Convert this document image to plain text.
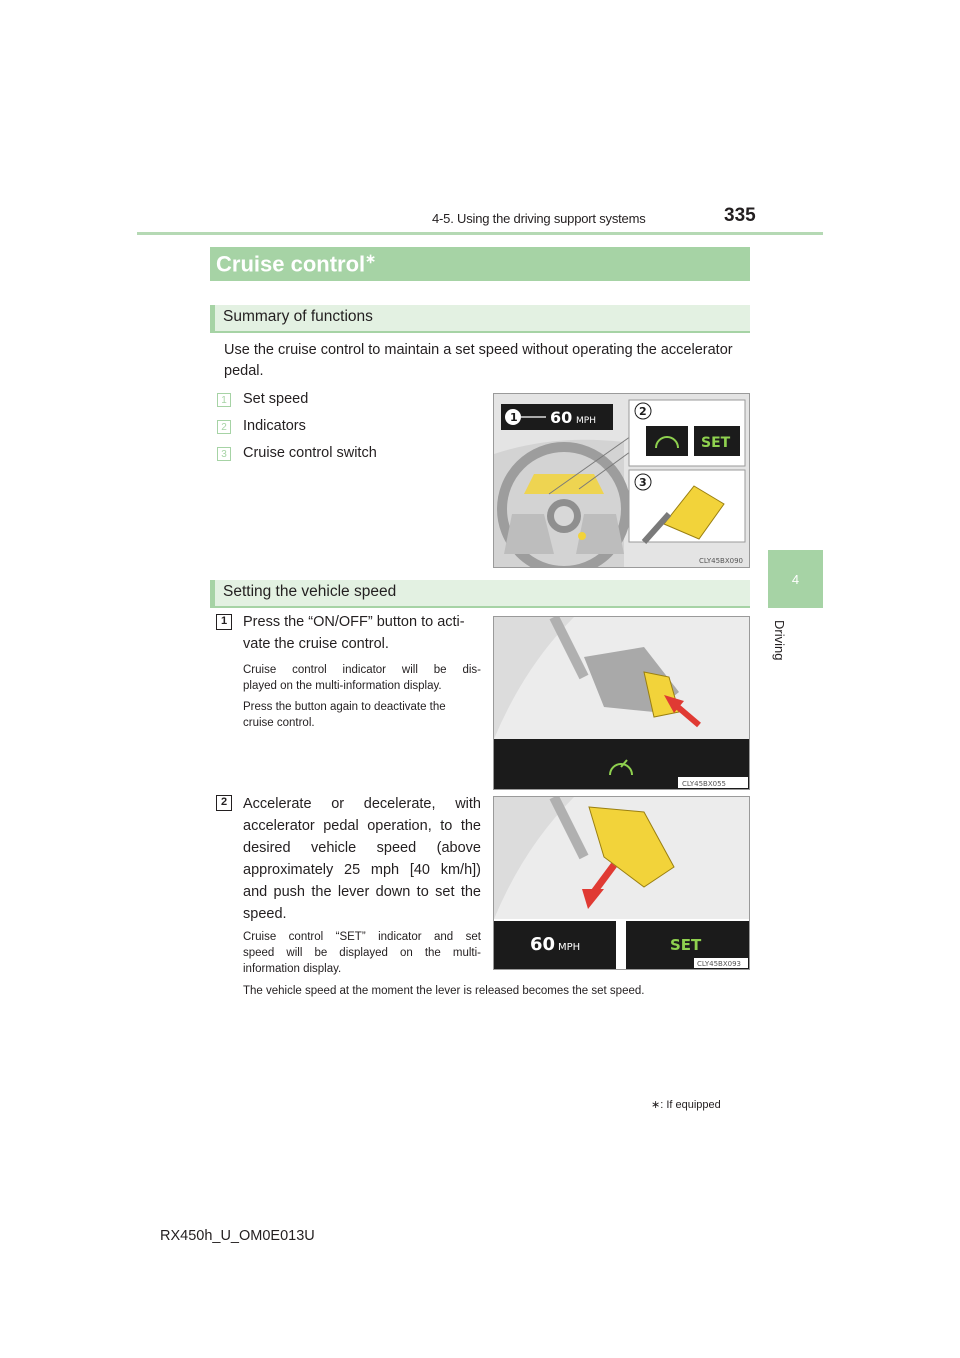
4-5. Using the driving support systems	335
4
Driving
Cruise control∗
Summary of functions
Use the cruise control to maintain a set speed without operating the accelerator
pedal.
1 Set speed
2 Indicators
3 Cruise control switch
1 60 MPH
2
SET
3
CLY45BX090
Setting the vehicle speed
1	Press the “ON/OFF” button to acti-
vate the cruise control.
Cruise control indicator will be dis-
played on the multi-information display.
Press the button again to deactivate the
cruise control.
CLY45BX055
2	Accelerate or decelerate, with
accelerator pedal operation, to the
desired vehicle speed (above
approximately 25 mph [40 km/h])
and push the lever down to set the
speed.
Cruise control “SET” indicator and set
speed will be displayed on the multi-
information display.
The vehicle speed at the moment the lever is released becomes the set speed.
60 MPH	SET
CLY45BX093
∗: If equipped
RX450h_U_OM0E013U
